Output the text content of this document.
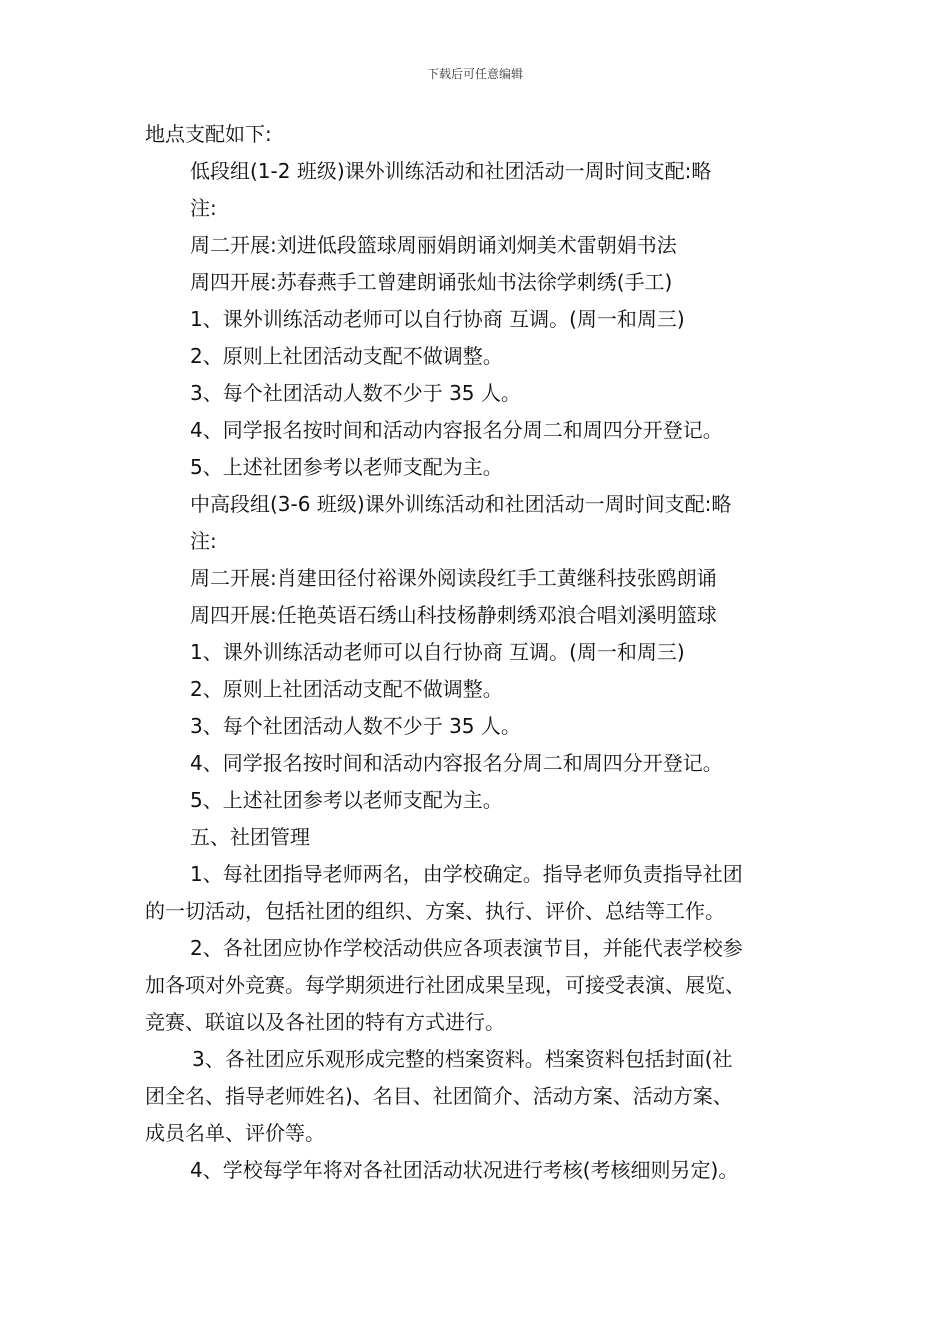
下载后可任意编辑
地点支配如下:
低段组(1-2 班级)课外训练活动和社团活动一周时间支配:略
注:
周二开展:刘进低段篮球周丽娟朗诵刘炯美术雷朝娟书法
周四开展:苏春燕手工曾建朗诵张灿书法徐学刺绣(手工)
1、课外训练活动老师可以自行协商 互调。(周一和周三)
2、原则上社团活动支配不做调整。
3、每个社团活动人数不少于 35 人。
4、同学报名按时间和活动内容报名分周二和周四分开登记。
5、上述社团参考以老师支配为主。
中高段组(3-6 班级)课外训练活动和社团活动一周时间支配:略
注:
周二开展:肖建田径付裕课外阅读段红手工黄继科技张鸥朗诵
周四开展:任艳英语石绣山科技杨静刺绣邓浪合唱刘溪明篮球
1、课外训练活动老师可以自行协商 互调。(周一和周三)
2、原则上社团活动支配不做调整。
3、每个社团活动人数不少于 35 人。
4、同学报名按时间和活动内容报名分周二和周四分开登记。
5、上述社团参考以老师支配为主。
五、社团管理
1、每社团指导老师两名，由学校确定。指导老师负责指导社团
的一切活动，包括社团的组织、方案、执行、评价、总结等工作。
2、各社团应协作学校活动供应各项表演节目，并能代表学校参
加各项对外竞赛。每学期须进行社团成果呈现，可接受表演、展览、
竞赛、联谊以及各社团的特有方式进行。
3、各社团应乐观形成完整的档案资料。档案资料包括封面(社
团全名、指导老师姓名)、名目、社团简介、活动方案、活动方案、
成员名单、评价等。
4、学校每学年将对各社团活动状况进行考核(考核细则另定)。
